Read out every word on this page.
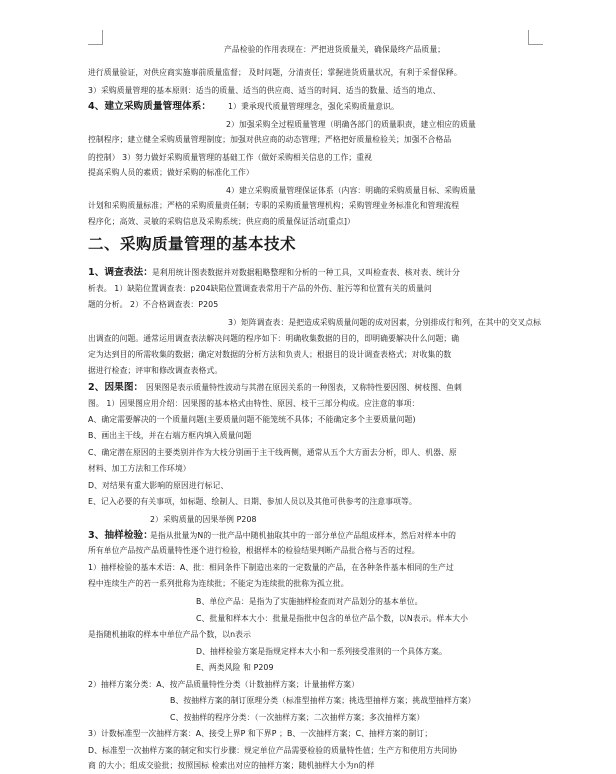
产品检验的作用表现在：严把进货质量关，确保最终产品质量；
进行质量验证，对供应商实施事前质量监督； 及时问题，分清责任；掌握进货质量状况，有利于采督保释。
3）采购质量管理的基本原则：适当的质量、适当的供应商、适当的时间、适当的数量、适当的地点、
4、建立采购质量管理体系： 1）秉承现代质量管理理念，强化采购质量意识。
2）加强采购全过程质量管理（明确各部门的质量职责，建立相应的质量
控制程序；建立健全采购质量管理制度；加强对供应商的动态管理；严格把好质量检验关；加强不合格品
的控制） 3）努力做好采购质量管理的基础工作（做好采购相关信息的工作；重视
提高采购人员的素质；做好采购的标准化工作）
4）建立采购质量管理保证体系（内容：明确的采购质量目标、采购质量
计划和采购质量标准；严格的采购质量责任制；专职的采购质量管理机构；采购管理业务标准化和管理流程
程序化；高效、灵敏的采购信息及采购系统；供应商的质量保证活动[重点]）
二、采购质量管理的基本技术
1、调查表法： 是利用统计图表数据并对数据粗略整理和分析的一种工具，又叫检查表、核对表、统计分
析表。 1）缺陷位置调查表：p204缺陷位置调查表常用于产品的外伤、脏污等和位置有关的质量问
题的分析。 2）不合格调查表：P205
3）矩阵调查表：是把造成采购质量问题的成对因素，分别排成行和列，在其中的交叉点标
出调查的问题。通常运用调查表法解决问题的程序如下：明确收集数据的目的，即明确要解决什么问题；确
定为达到目的所需收集的数据；确定对数据的分析方法和负责人；根据目的设计调查表格式；对收集的数
据进行检查；评审和修改调查表格式。
2、因果图： 因果图是表示质量特性波动与其潜在原因关系的一种图表，又称特性要因图、树枝图、鱼刺
图。 1）因果图应用介绍：因果图的基本格式由特性、原因、枝干三部分构成。应注意的事项：
A、确定需要解决的一个质量问题(主要质量问题不能笼统不具体；不能确定多个主要质量问题)
B、画出主干线，并在右端方框内填入质量问题
C、确定潜在原因的主要类别并作为大枝分别画于主干线两侧，通常从五个大方面去分析，即人、机器、原
材料、加工方法和工作环境）
D、对结果有重大影响的原因进行标记、
E、记入必要的有关事项，如标题、绘制人、日期、参加人员以及其他可供参考的注意事项等。
2）采购质量的因果举例 P208
3、抽样检验：
是指从批量为N的一批产品中随机抽取其中的一部分单位产品组成样本，然后对样本中的
所有单位产品按产品质量特性逐个进行检验，根据样本的检验结果判断产品批合格与否的过程。
1）抽样检验的基本术语：A、批：相同条件下制造出来的一定数量的产品，在各种条件基本相同的生产过
程中连续生产的若一系列批称为连续批；不能定为连续批的批称为孤立批。
B、单位产品：是指为了实施抽样检查而对产品划分的基本单位。
C、批量和样本大小：批量是指批中包含的单位产品个数，以N表示。样本大小
是指随机抽取的样本中单位产品个数，以n表示
D、抽样检验方案是指规定样本大小和一系列接受准则的一个具体方案。
E、两类风险 和 P209
2）抽样方案分类：A、按产品质量特性分类（计数抽样方案；计量抽样方案）
B、按抽样方案的制订原理分类（标准型抽样方案；挑选型抽样方案；挑战型抽样方案）
C、按抽样的程序分类：（一次抽样方案；二次抽样方案；多次抽样方案）
3）计数标准型一次抽样方案：A、接受上界P 和下界P ；B、一次抽样方案；C、抽样方案的制订；
D、标准型一次抽样方案的制定和实行步骤：规定单位产品需要检验的质量特性值；生产方和使用方共同协
商 的大小；组成交验批；按照国标 检索出对应的抽样方案；随机抽样大小为n的样
